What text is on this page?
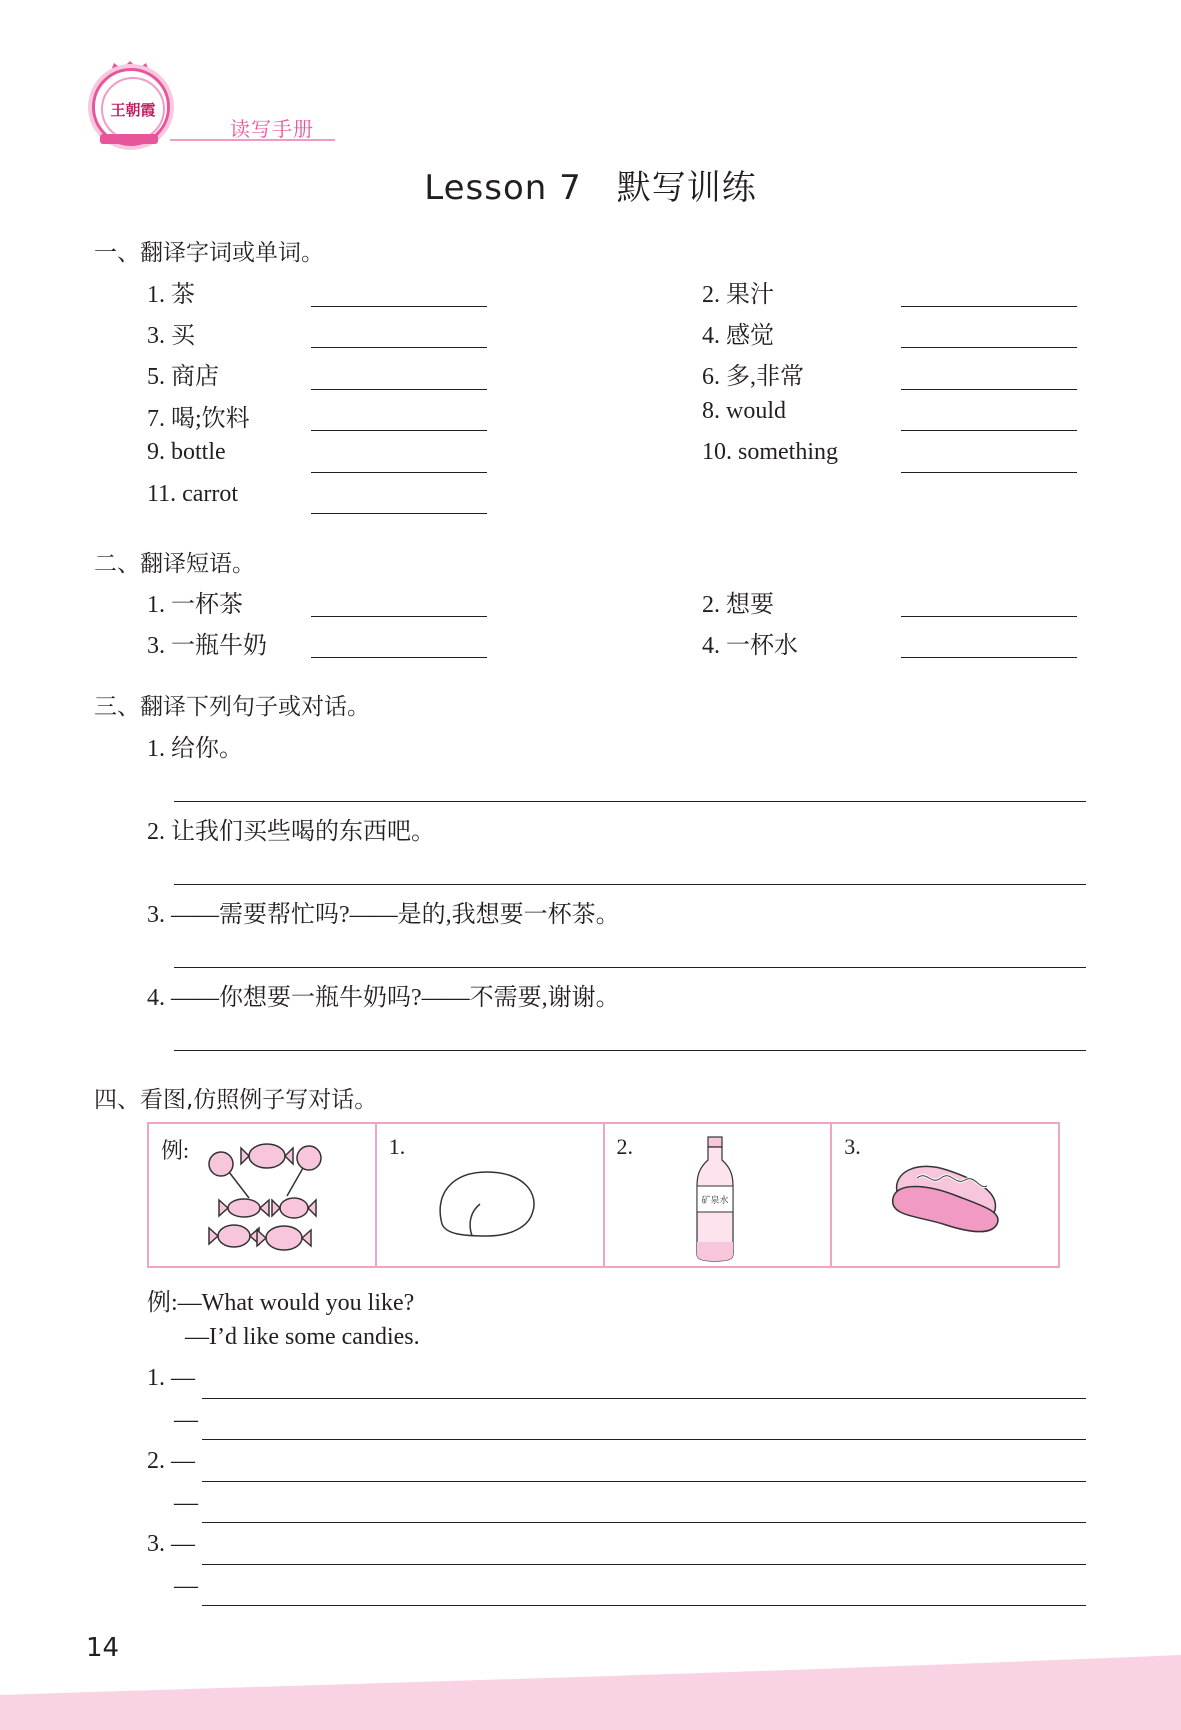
王朝霞
读写手册
Lesson 7　默写训练
一、翻译字词或单词。
1. 茶	2. 果汁
3. 买	4. 感觉
5. 商店	6. 多,非常
7. 喝;饮料	8. would
9. bottle	10. something
11. carrot
二、翻译短语。
1. 一杯茶	2. 想要
3. 一瓶牛奶	4. 一杯水
三、翻译下列句子或对话。
1. 给你。
2. 让我们买些喝的东西吧。
3. ——需要帮忙吗?——是的,我想要一杯茶。
4. ——你想要一瓶牛奶吗?——不需要,谢谢。
四、看图,仿照例子写对话。
例:	1.	2.
矿泉水
3.
例:—What would you like?
—I’d like some candies.
1. —
—
2. —
—
3. —
—
14
